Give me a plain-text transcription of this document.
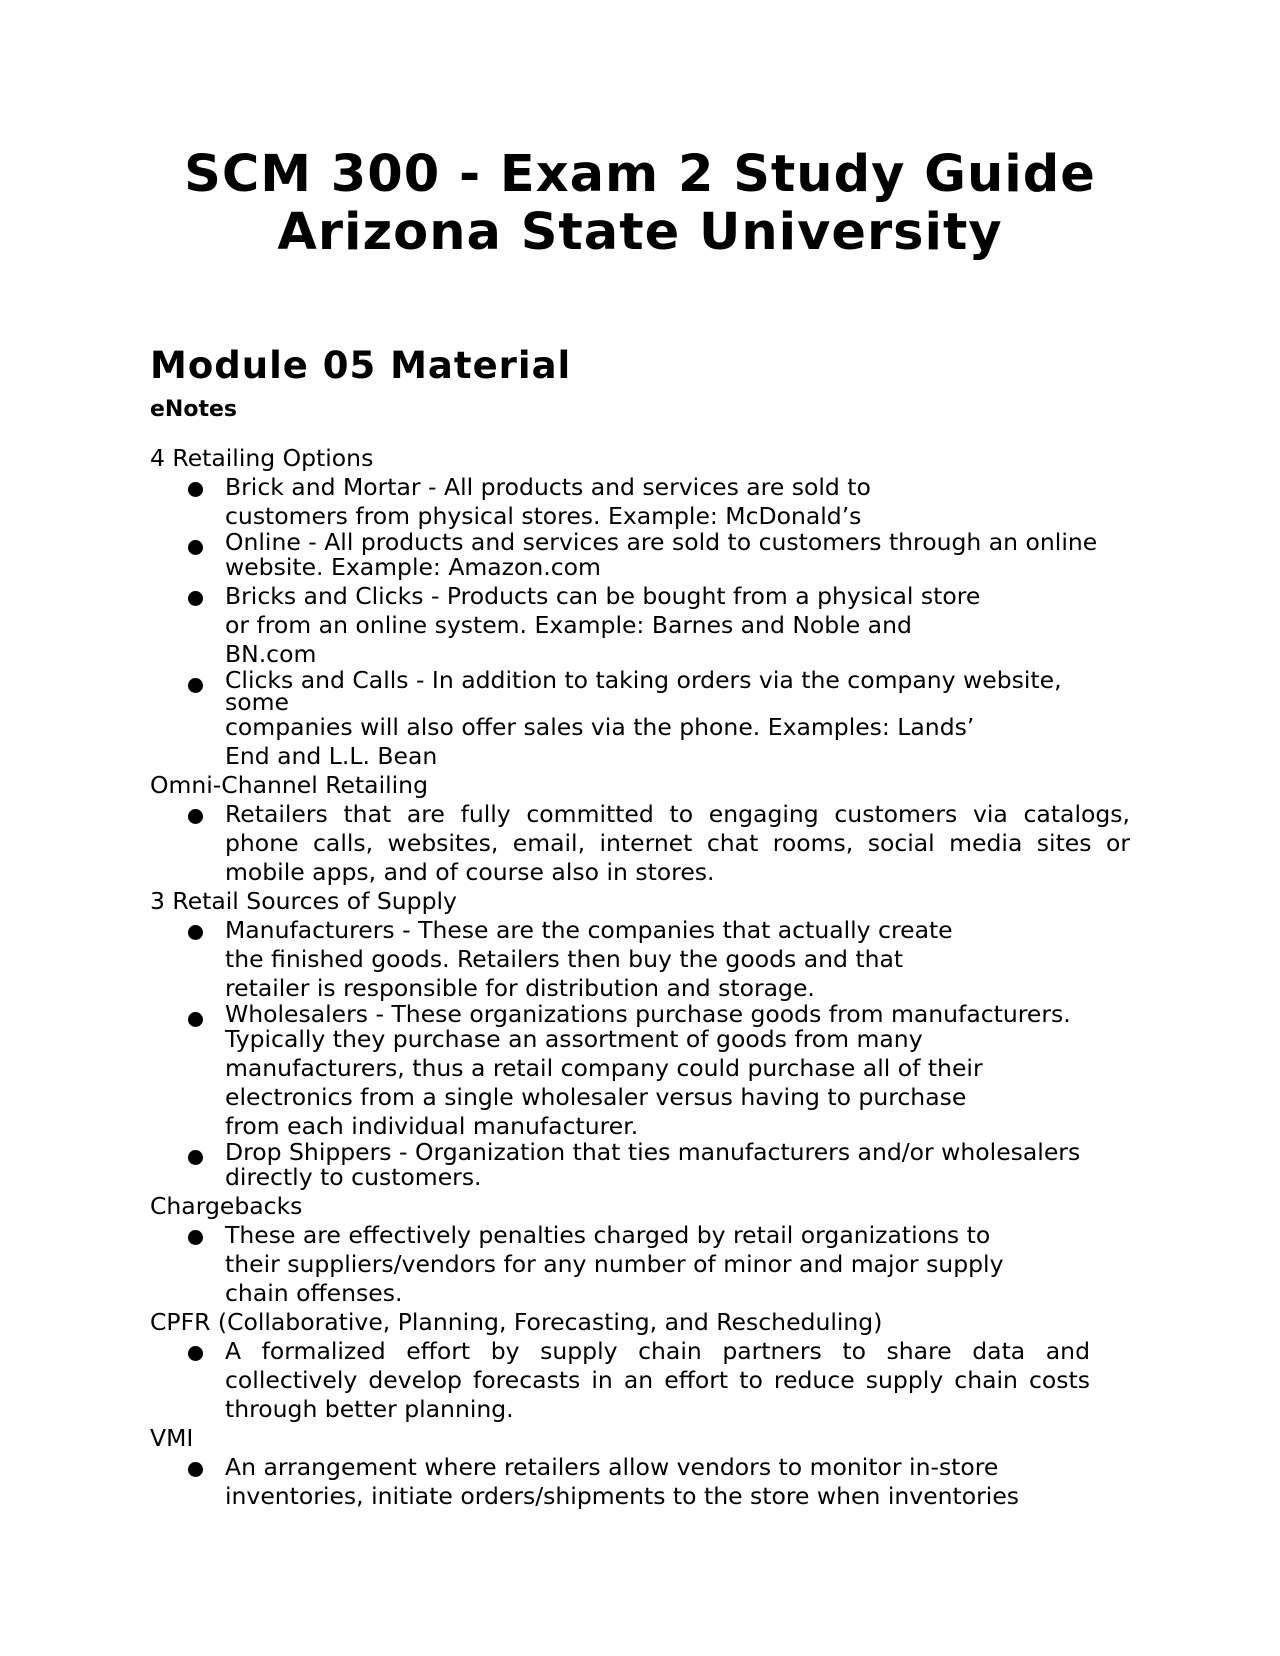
SCM 300 - Exam 2 Study Guide Arizona State University
Module 05 Material
eNotes
4 Retailing Options
Brick and Mortar - All products and services are sold to
customers from physical stores. Example: McDonald’s
Online - All products and services are sold to customers through an online
website. Example: Amazon.com
Bricks and Clicks - Products can be bought from a physical store
or from an online system. Example: Barnes and Noble and
BN.com
Clicks and Calls - In addition to taking orders via the company website, some
companies will also offer sales via the phone. Examples: Lands’
End and L.L. Bean
Omni-Channel Retailing
Retailers that are fully committed to engaging customers via catalogs, phone calls, websites, email, internet chat rooms, social media sites or mobile apps, and of course also in stores.
3 Retail Sources of Supply
Manufacturers - These are the companies that actually create
the finished goods. Retailers then buy the goods and that
retailer is responsible for distribution and storage.
Wholesalers - These organizations purchase goods from manufacturers.
Typically they purchase an assortment of goods from many
manufacturers, thus a retail company could purchase all of their
electronics from a single wholesaler versus having to purchase
from each individual manufacturer.
Drop Shippers - Organization that ties manufacturers and/or wholesalers
directly to customers.
Chargebacks
These are effectively penalties charged by retail organizations to
their suppliers/vendors for any number of minor and major supply
chain offenses.
CPFR (Collaborative, Planning, Forecasting, and Rescheduling)
A formalized effort by supply chain partners to share data and collectively develop forecasts in an effort to reduce supply chain costs through better planning.
VMI
An arrangement where retailers allow vendors to monitor in-store
inventories, initiate orders/shipments to the store when inventories
